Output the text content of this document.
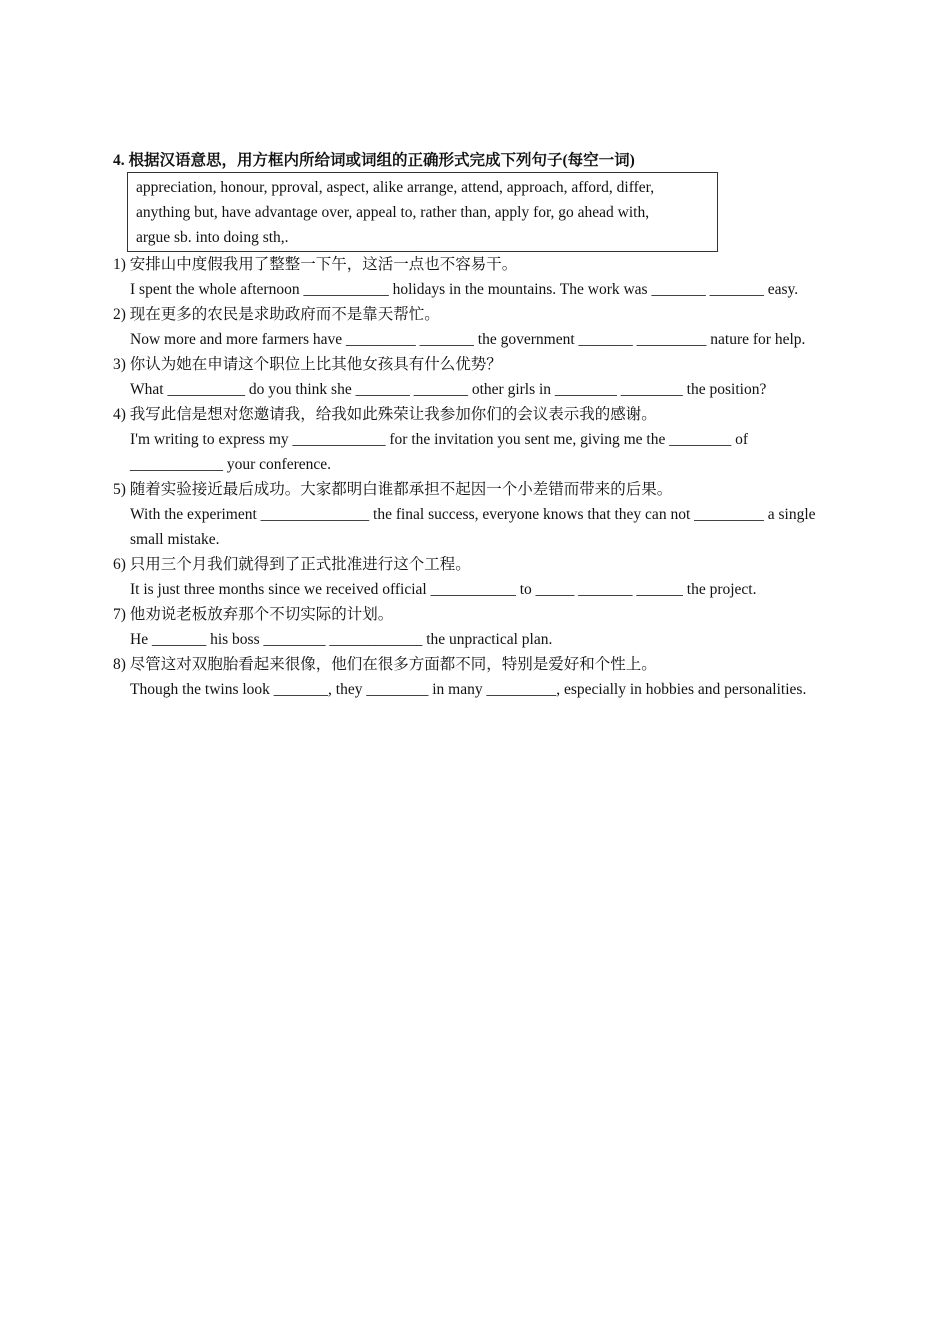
4. 根据汉语意思，用方框内所给词或词组的正确形式完成下列句子(每空一词)
appreciation, honour, pproval, aspect, alike arrange, attend, approach, afford, differ,
anything but, have advantage over, appeal to, rather than, apply for, go ahead with,
argue sb. into doing sth,.
1) 安排山中度假我用了整整一下午，这活一点也不容易干。
I spent the whole afternoon ___________ holidays in the mountains. The work was _______ _______ easy.
2) 现在更多的农民是求助政府而不是靠天帮忙。
Now more and more farmers have _________ _______ the government _______ _________ nature for help.
3) 你认为她在申请这个职位上比其他女孩具有什么优势？
What __________ do you think she _______ _______ other girls in ________ ________ the position?
4) 我写此信是想对您邀请我，给我如此殊荣让我参加你们的会议表示我的感谢。
I'm writing to express my ____________ for the invitation you sent me, giving me the ________ of ____________ your conference.
5) 随着实验接近最后成功。大家都明白谁都承担不起因一个小差错而带来的后果。
With the experiment ______________ the final success, everyone knows that they can not _________ a single small mistake.
6) 只用三个月我们就得到了正式批准进行这个工程。
It is just three months since we received official ___________ to _____ _______ ______ the project.
7) 他劝说老板放弃那个不切实际的计划。
He _______ his boss ________ ____________ the unpractical plan.
8) 尽管这对双胞胎看起来很像，他们在很多方面都不同，特别是爱好和个性上。
Though the twins look _______, they ________ in many _________, especially in hobbies and personalities.
